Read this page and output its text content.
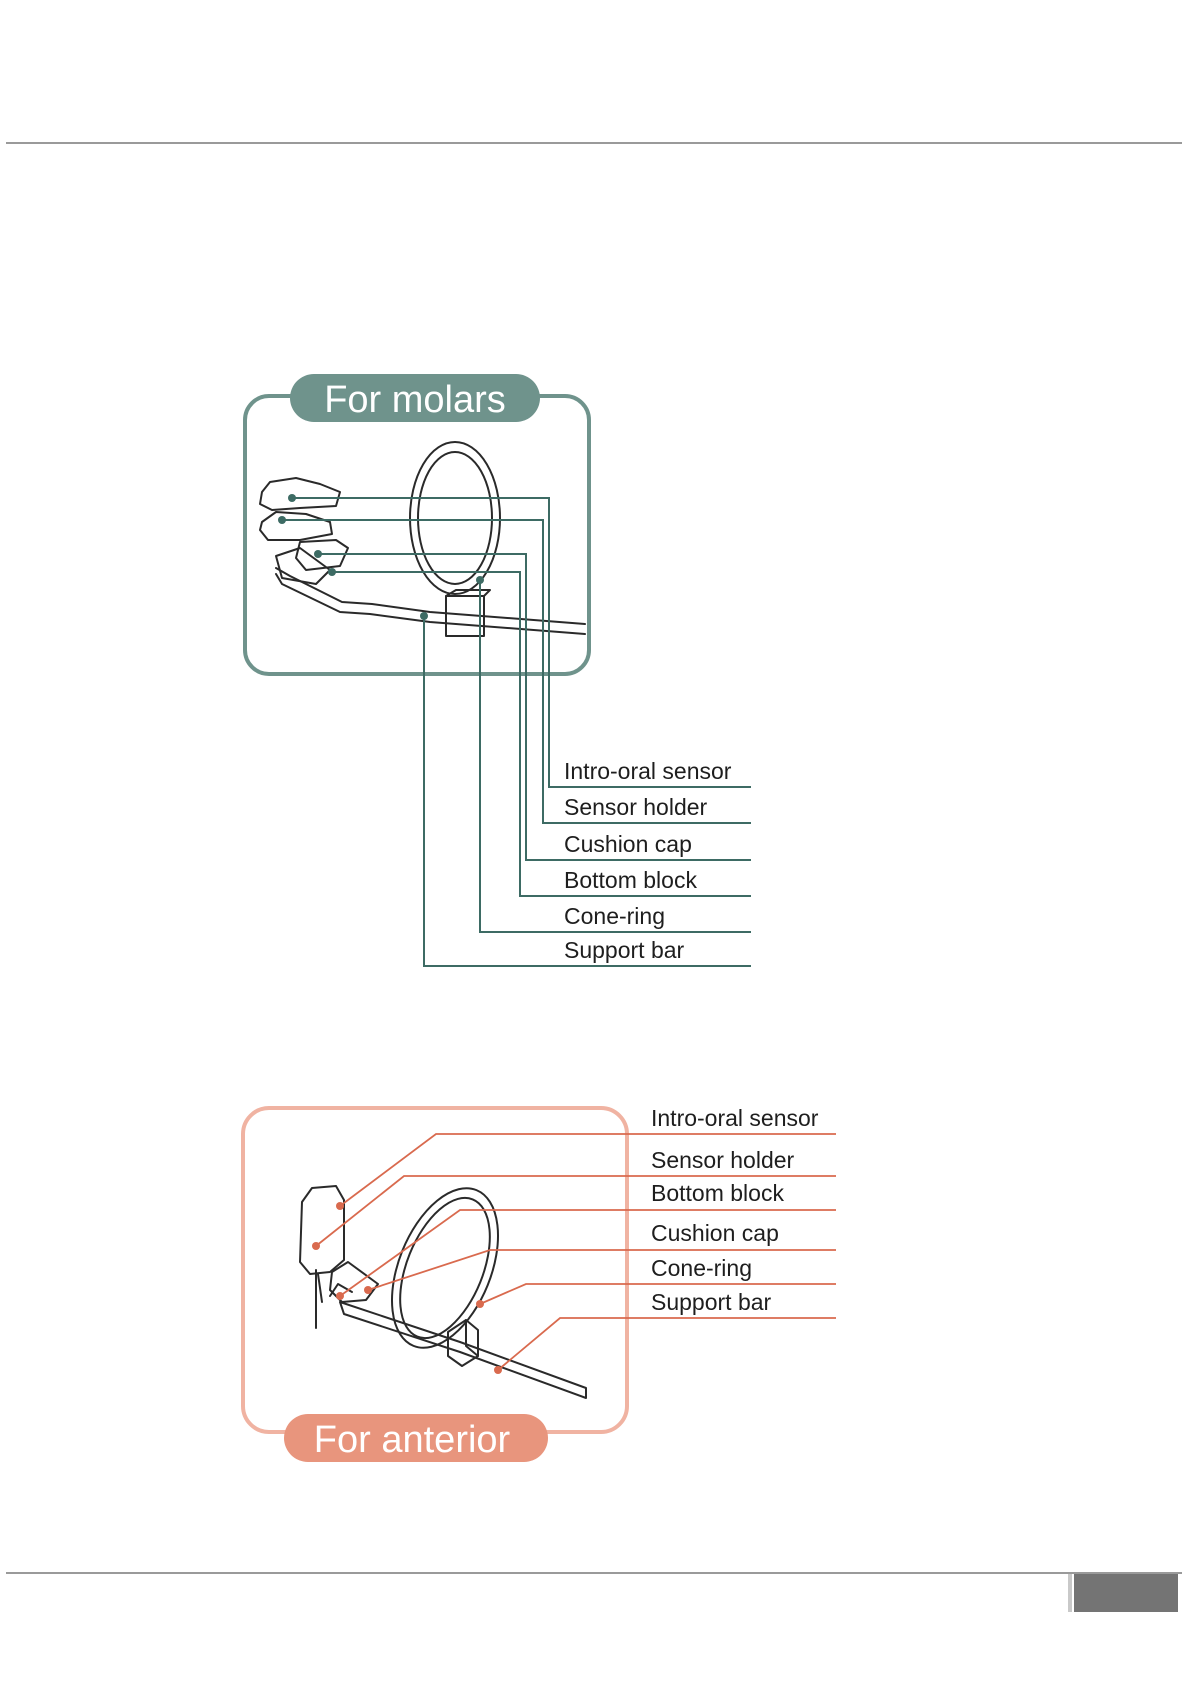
For molars
Intro-oral sensor
Sensor holder
Cushion cap
Bottom block
Cone-ring
Support bar
For anterior
Intro-oral sensor
Sensor holder
Bottom block
Cushion cap
Cone-ring
Support bar
